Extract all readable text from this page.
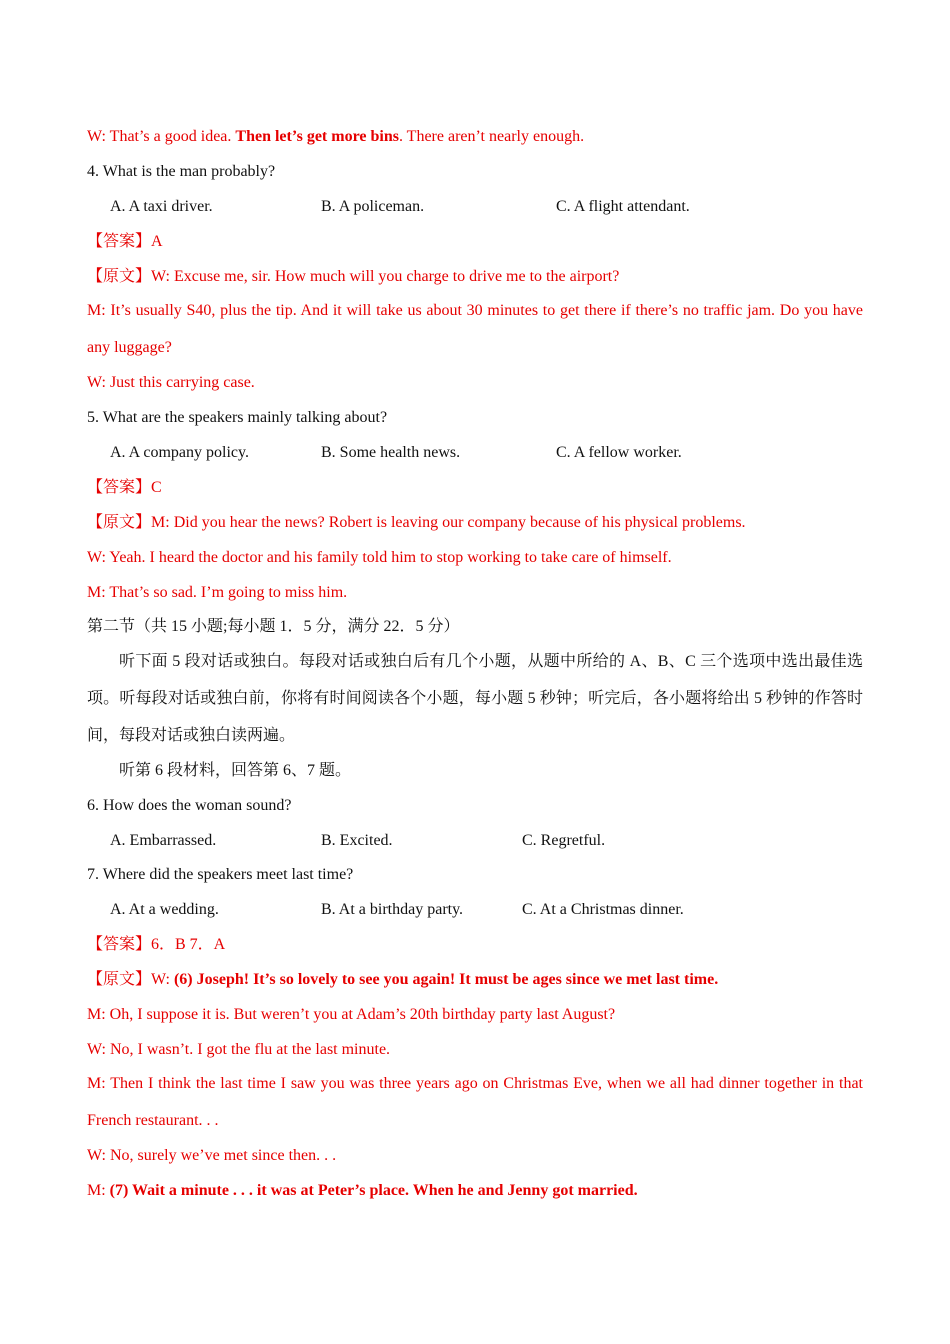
W: That’s a good idea. Then let’s get more bins. There aren’t nearly enough.
4. What is the man probably?
A. A taxi driver.	B. A policeman.	C. A flight attendant.
【答案】A
【原文】W: Excuse me, sir. How much will you charge to drive me to the airport?
M: It’s usually S40, plus the tip. And it will take us about 30 minutes to get there if there’s no traffic jam. Do you have any luggage?
W: Just this carrying case.
5. What are the speakers mainly talking about?
A. A company policy.	B. Some health news.	C. A fellow worker.
【答案】C
【原文】M: Did you hear the news? Robert is leaving our company because of his physical problems.
W: Yeah. I heard the doctor and his family told him to stop working to take care of himself.
M: That’s so sad. I’m going to miss him.
第二节（共 15 小题;每小题 1．5 分，满分 22．5 分）
听下面 5 段对话或独白。每段对话或独白后有几个小题，从题中所给的 A、B、C 三个选项中选出最佳选项。听每段对话或独白前，你将有时间阅读各个小题，每小题 5 秒钟；听完后，各小题将给出 5 秒钟的作答时间，每段对话或独白读两遍。
听第 6 段材料，回答第 6、7 题。
6. How does the woman sound?
A. Embarrassed.	B. Excited.	C. Regretful.
7. Where did the speakers meet last time?
A. At a wedding.	B. At a birthday party.	C. At a Christmas dinner.
【答案】6．B 7．A
【原文】W: (6) Joseph! It’s so lovely to see you again! It must be ages since we met last time.
M: Oh, I suppose it is. But weren’t you at Adam’s 20th birthday party last August?
W: No, I wasn’t. I got the flu at the last minute.
M: Then I think the last time I saw you was three years ago on Christmas Eve, when we all had dinner together in that French restaurant. . .
W: No, surely we’ve met since then. . .
M: (7) Wait a minute . . . it was at Peter’s place. When he and Jenny got married.
